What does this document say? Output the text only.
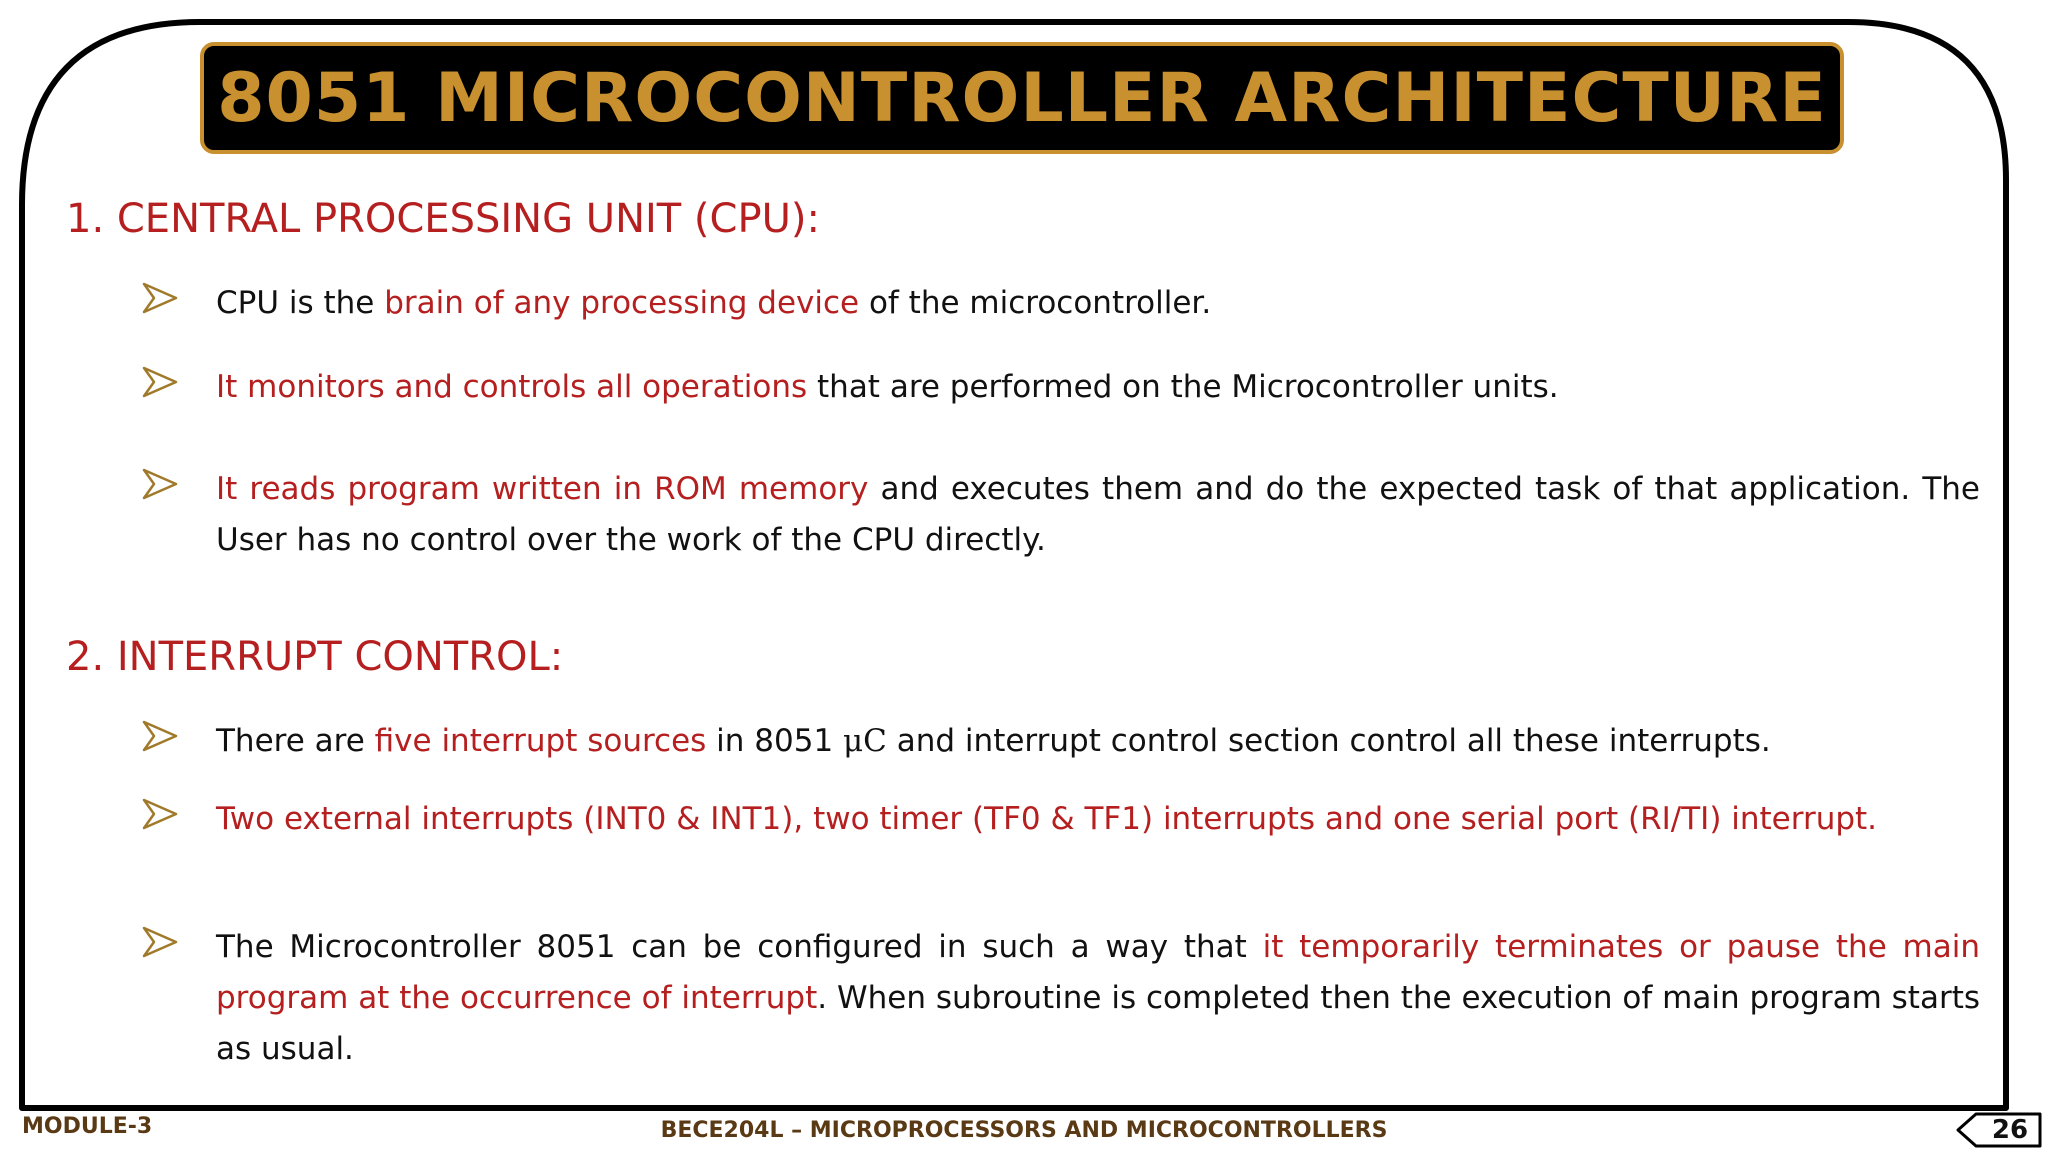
8051 MICROCONTROLLER ARCHITECTURE
1. CENTRAL PROCESSING UNIT (CPU):
CPU is the brain of any processing device of the microcontroller.
It monitors and controls all operations that are performed on the Microcontroller units.
It reads program written in ROM memory and executes them and do the expected task of that application. The User has no control over the work of the CPU directly.
2. INTERRUPT CONTROL:
There are five interrupt sources in 8051 μC and interrupt control section control all these interrupts.
Two external interrupts (INT0 & INT1), two timer (TF0 & TF1) interrupts and one serial port (RI/TI) interrupt.
The Microcontroller 8051 can be configured in such a way that it temporarily terminates or pause the main program at the occurrence of interrupt. When subroutine is completed then the execution of main program starts as usual.
MODULE-3	BECE204L – MICROPROCESSORS AND MICROCONTROLLERS	26
